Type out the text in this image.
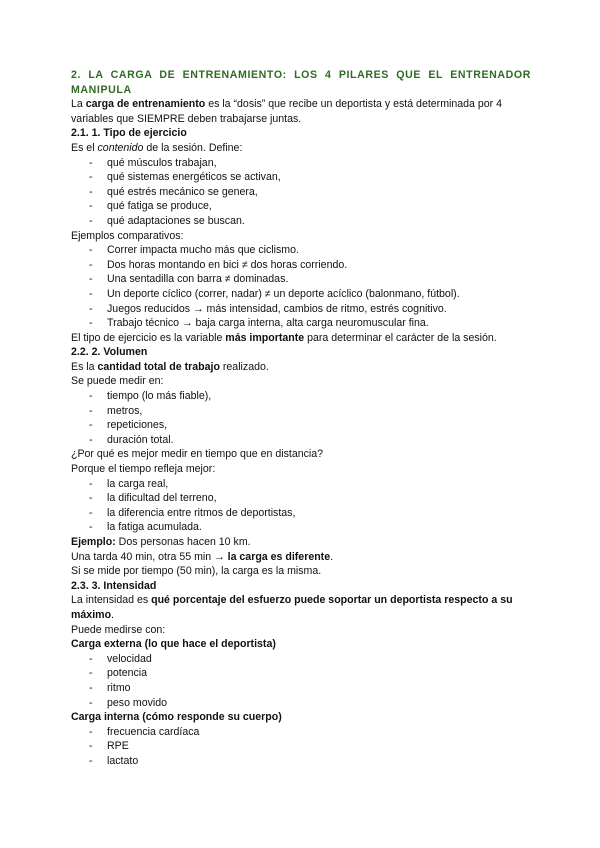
2. LA CARGA DE ENTRENAMIENTO: LOS 4 PILARES QUE EL ENTRENADOR
MANIPULA

La carga de entrenamiento es la “dosis” que recibe un deportista y está determinada por 4 variables que SIEMPRE deben trabajarse juntas.

2.1. 1. Tipo de ejercicio

Es el contenido de la sesión. Define:

- qué músculos trabajan,
- qué sistemas energéticos se activan,
- qué estrés mecánico se genera,
- qué fatiga se produce,
- qué adaptaciones se buscan.

Ejemplos comparativos:

- Correr impacta mucho más que ciclismo.
- Dos horas montando en bici ≠ dos horas corriendo.
- Una sentadilla con barra ≠ dominadas.
- Un deporte cíclico (correr, nadar) ≠ un deporte acíclico (balonmano, fútbol).
- Juegos reducidos → más intensidad, cambios de ritmo, estrés cognitivo.
- Trabajo técnico → baja carga interna, alta carga neuromuscular fina.

El tipo de ejercicio es la variable más importante para determinar el carácter de la sesión.

2.2. 2. Volumen

Es la cantidad total de trabajo realizado.

Se puede medir en:

- tiempo (lo más fiable),
- metros,
- repeticiones,
- duración total.

¿Por qué es mejor medir en tiempo que en distancia?

Porque el tiempo refleja mejor:

- la carga real,
- la dificultad del terreno,
- la diferencia entre ritmos de deportistas,
- la fatiga acumulada.

Ejemplo: Dos personas hacen 10 km.

Una tarda 40 min, otra 55 min → la carga es diferente.

Si se mide por tiempo (50 min), la carga es la misma.

2.3. 3. Intensidad

La intensidad es qué porcentaje del esfuerzo puede soportar un deportista respecto a su máximo.

Puede medirse con:

Carga externa (lo que hace el deportista)

- velocidad
- potencia
- ritmo
- peso movido

Carga interna (cómo responde su cuerpo)

- frecuencia cardíaca
- RPE
- lactato
